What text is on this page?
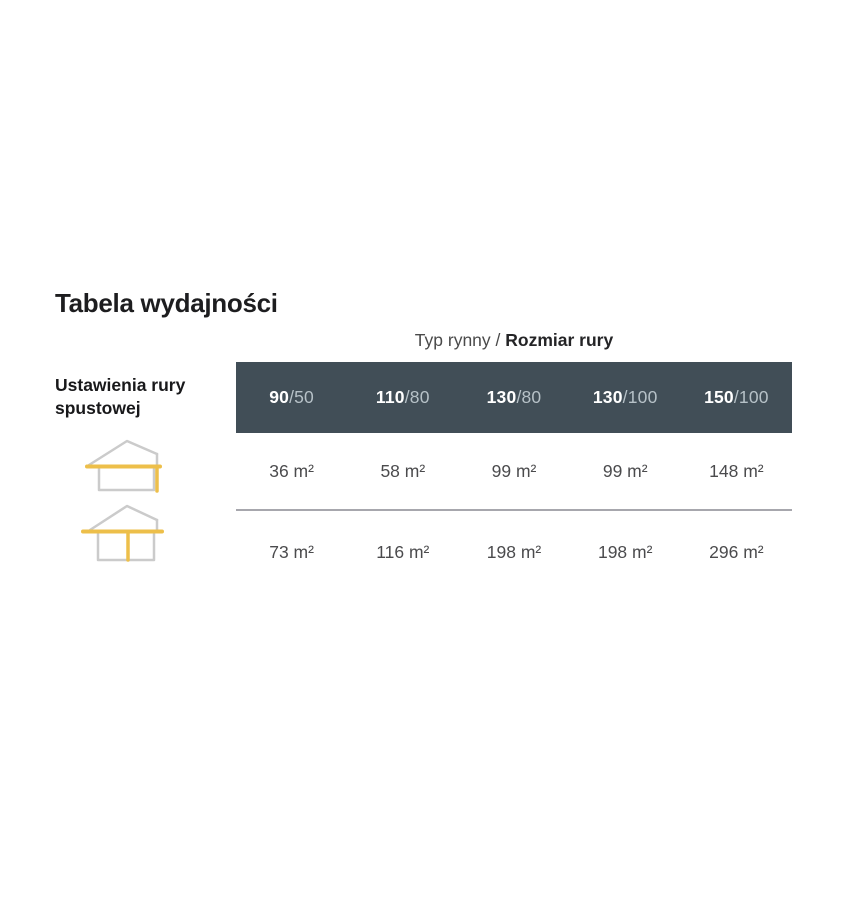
Tabela wydajności
Typ rynny / Rozmiar rury
Ustawienia rury spustowej
90/50	110/80	130/80	130/100	150/100
36 m²	58 m²	99 m²	99 m²	148 m²
73 m²	116 m²	198 m²	198 m²	296 m²
